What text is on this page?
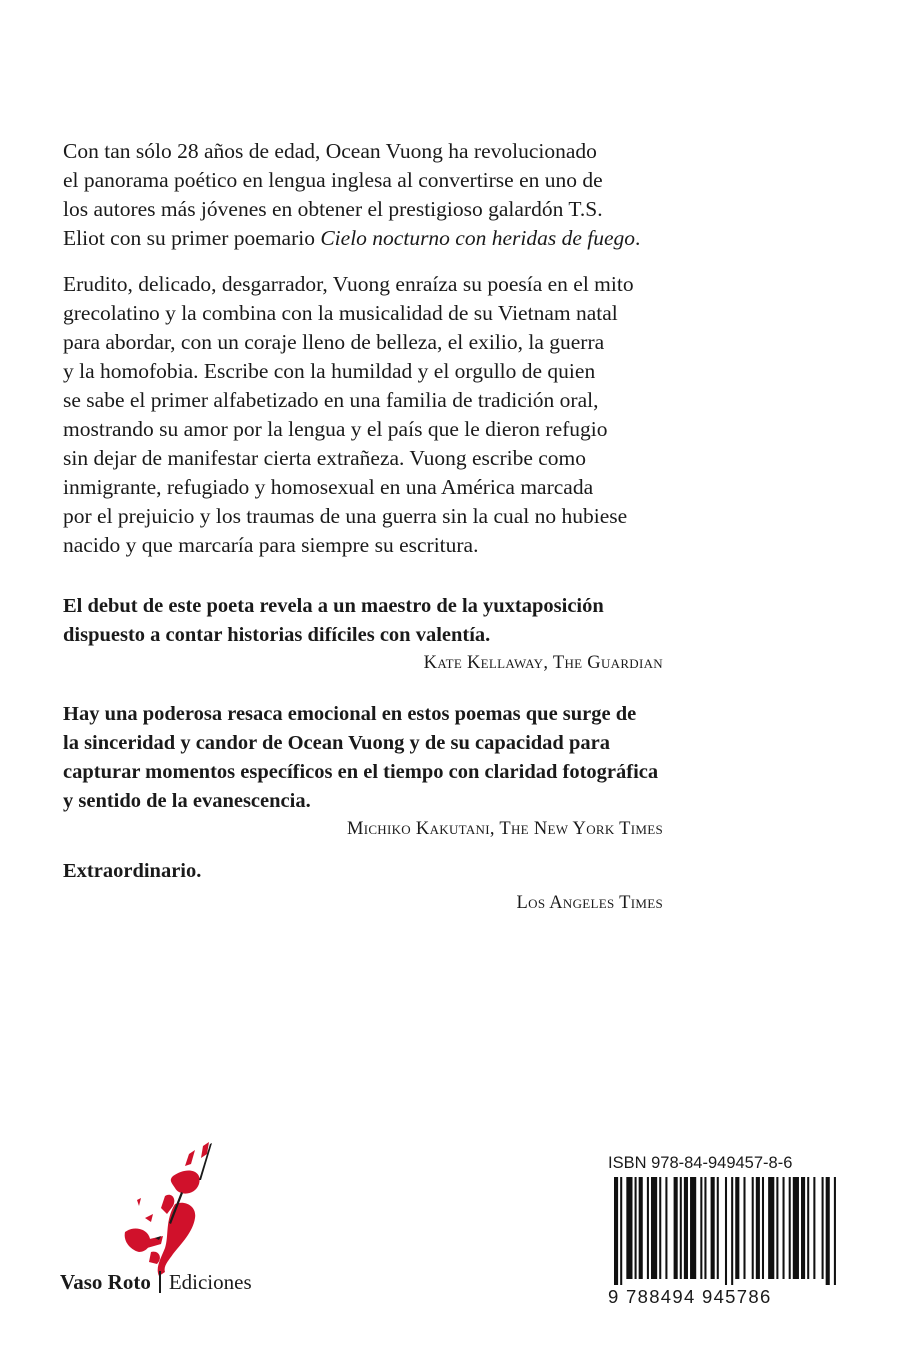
Con tan sólo 28 años de edad, Ocean Vuong ha revolucionado
el panorama poético en lengua inglesa al convertirse en uno de
los autores más jóvenes en obtener el prestigioso galardón T.S.
Eliot con su primer poemario Cielo nocturno con heridas de fuego.
Erudito, delicado, desgarrador, Vuong enraíza su poesía en el mito
grecolatino y la combina con la musicalidad de su Vietnam natal
para abordar, con un coraje lleno de belleza, el exilio, la guerra
y la homofobia. Escribe con la humildad y el orgullo de quien
se sabe el primer alfabetizado en una familia de tradición oral,
mostrando su amor por la lengua y el país que le dieron refugio
sin dejar de manifestar cierta extrañeza. Vuong escribe como
inmigrante, refugiado y homosexual en una América marcada
por el prejuicio y los traumas de una guerra sin la cual no hubiese
nacido y que marcaría para siempre su escritura.
El debut de este poeta revela a un maestro de la yuxtaposición
dispuesto a contar historias difíciles con valentía.
Kate Kellaway, The Guardian
Hay una poderosa resaca emocional en estos poemas que surge de
la sinceridad y candor de Ocean Vuong y de su capacidad para
capturar momentos específicos en el tiempo con claridad fotográfica
y sentido de la evanescencia.
Michiko Kakutani, The New York Times
Extraordinario.
Los Angeles Times
Vaso Roto Ediciones
ISBN 978-84-949457-8-6
9 788494 945786
